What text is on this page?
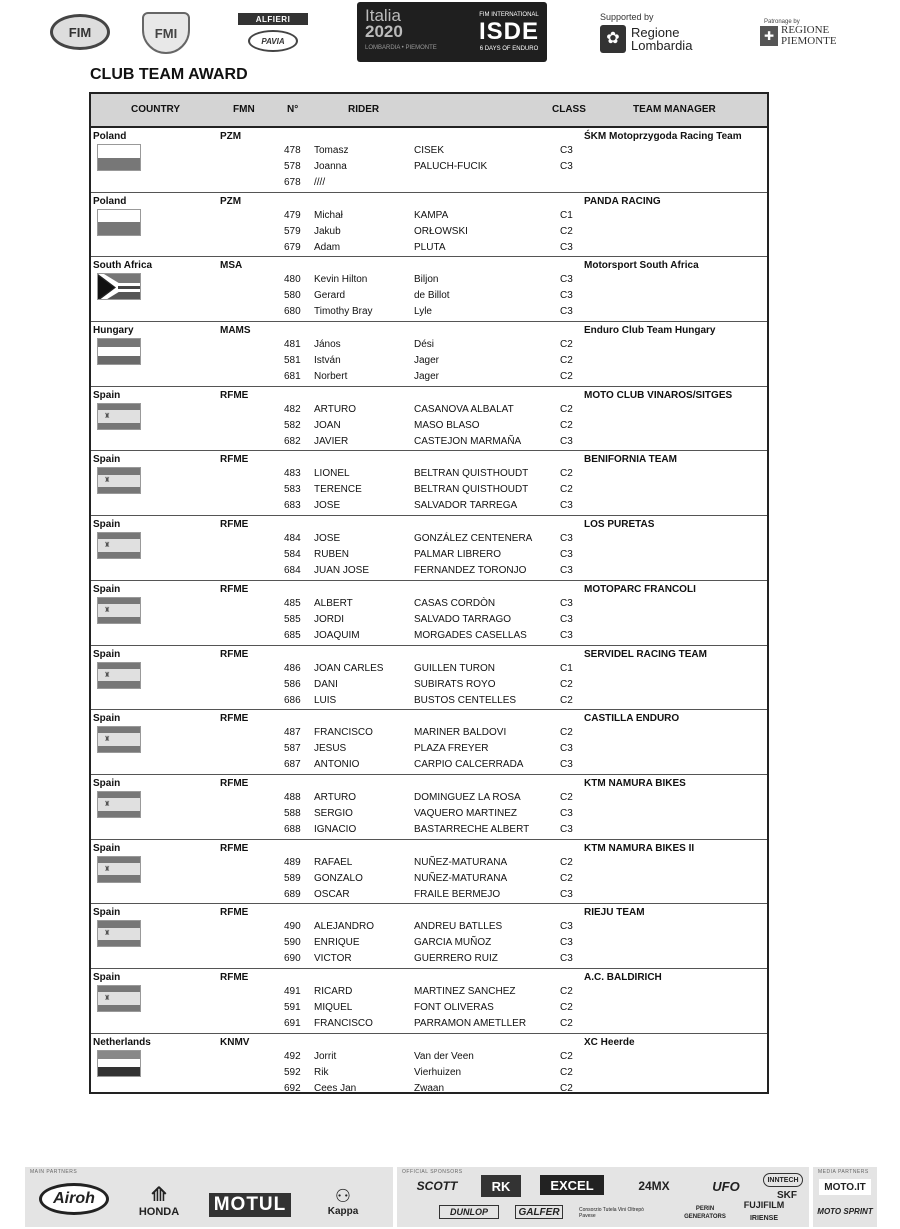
FIM	FMI
ALFIERI
PAVIA
Italia
2020
LOMBARDIA • PIEMONTE
FIM INTERNATIONAL
ISDE
6 DAYS OF ENDURO
Supported by
✿ Regione
Lombardia
Patronage by
✚ REGIONE
PIEMONTE
CLUB TEAM AWARD
COUNTRY	FMN	N°	RIDER	CLASS	TEAM MANAGER
Poland	PZM	ŚKM Motoprzygoda Racing Team
478 Tomasz	CISEK	C3
578 Joanna	PALUCH-FUCIK	C3
678 ////
Poland	PZM	PANDA RACING
479 Michał	KAMPA	C1
579 Jakub	ORŁOWSKI	C2
679 Adam	PLUTA	C3
South Africa	MSA	Motorsport South Africa
480 Kevin Hilton	Biljon	C3
580 Gerard	de Billot	C3
680 Timothy Bray	Lyle	C3
Hungary	MAMS	Enduro Club Team Hungary
481 János	Dési	C2
581 István	Jager	C2
681 Norbert	Jager	C2
Spain	RFME	MOTO CLUB VINAROS/SITGES
♜
482 ARTURO	CASANOVA ALBALAT	C2
582 JOAN	MASO BLASO	C2
682 JAVIER	CASTEJON MARMAÑA	C3
Spain	RFME	BENIFORNIA TEAM
♜
483 LIONEL	BELTRAN QUISTHOUDT	C2
583 TERENCE	BELTRAN QUISTHOUDT	C2
683 JOSE	SALVADOR TARREGA	C3
Spain	RFME	LOS PURETAS
♜
484 JOSE	GONZÁLEZ CENTENERA	C3
584 RUBEN	PALMAR LIBRERO	C3
684 JUAN JOSE	FERNANDEZ TORONJO	C3
Spain	RFME	MOTOPARC FRANCOLI
♜
485 ALBERT	CASAS CORDÒN	C3
585 JORDI	SALVADO TARRAGO	C3
685 JOAQUIM	MORGADES CASELLAS	C3
Spain	RFME	SERVIDEL RACING TEAM
♜
486 JOAN CARLES	GUILLEN TURON	C1
586 DANI	SUBIRATS ROYO	C2
686 LUIS	BUSTOS CENTELLES	C2
Spain	RFME	CASTILLA ENDURO
♜
487 FRANCISCO	MARINER BALDOVI	C2
587 JESUS	PLAZA FREYER	C3
687 ANTONIO	CARPIO CALCERRADA	C3
Spain	RFME	KTM NAMURA BIKES
♜
488 ARTURO	DOMINGUEZ LA ROSA	C2
588 SERGIO	VAQUERO MARTINEZ	C3
688 IGNACIO	BASTARRECHE ALBERT	C3
Spain	RFME	KTM NAMURA BIKES II
♜
489 RAFAEL	NUÑEZ-MATURANA	C2
589 GONZALO	NUÑEZ-MATURANA	C2
689 OSCAR	FRAILE BERMEJO	C3
Spain	RFME	RIEJU TEAM
♜
490 ALEJANDRO	ANDREU BATLLES	C3
590 ENRIQUE	GARCIA MUÑOZ	C3
690 VICTOR	GUERRERO RUIZ	C3
Spain	RFME	A.C. BALDIRICH
♜
491 RICARD	MARTINEZ SANCHEZ	C2
591 MIQUEL	FONT OLIVERAS	C2
691 FRANCISCO	PARRAMON AMETLLER	C2
Netherlands	KNMV	XC Heerde
492 Jorrit	Van der Veen	C2
592 Rik	Vierhuizen	C2
692 Cees Jan	Zwaan	C2
MAIN PARTNERS
Airoh	⟰
HONDA MOTUL	⚇
Kappa
OFFICIAL SPONSORS
SCOTT	RK	EXCEL	24MX	UFO	INNTECH
DUNLOP	GALFER	Consorzio Tutela Vini Oltrepò Pavese
PERIN GENERATORS
FUJIFILM
IRIENSE
SKF
MEDIA PARTNERS
MOTO.IT
MOTO SPRINT
